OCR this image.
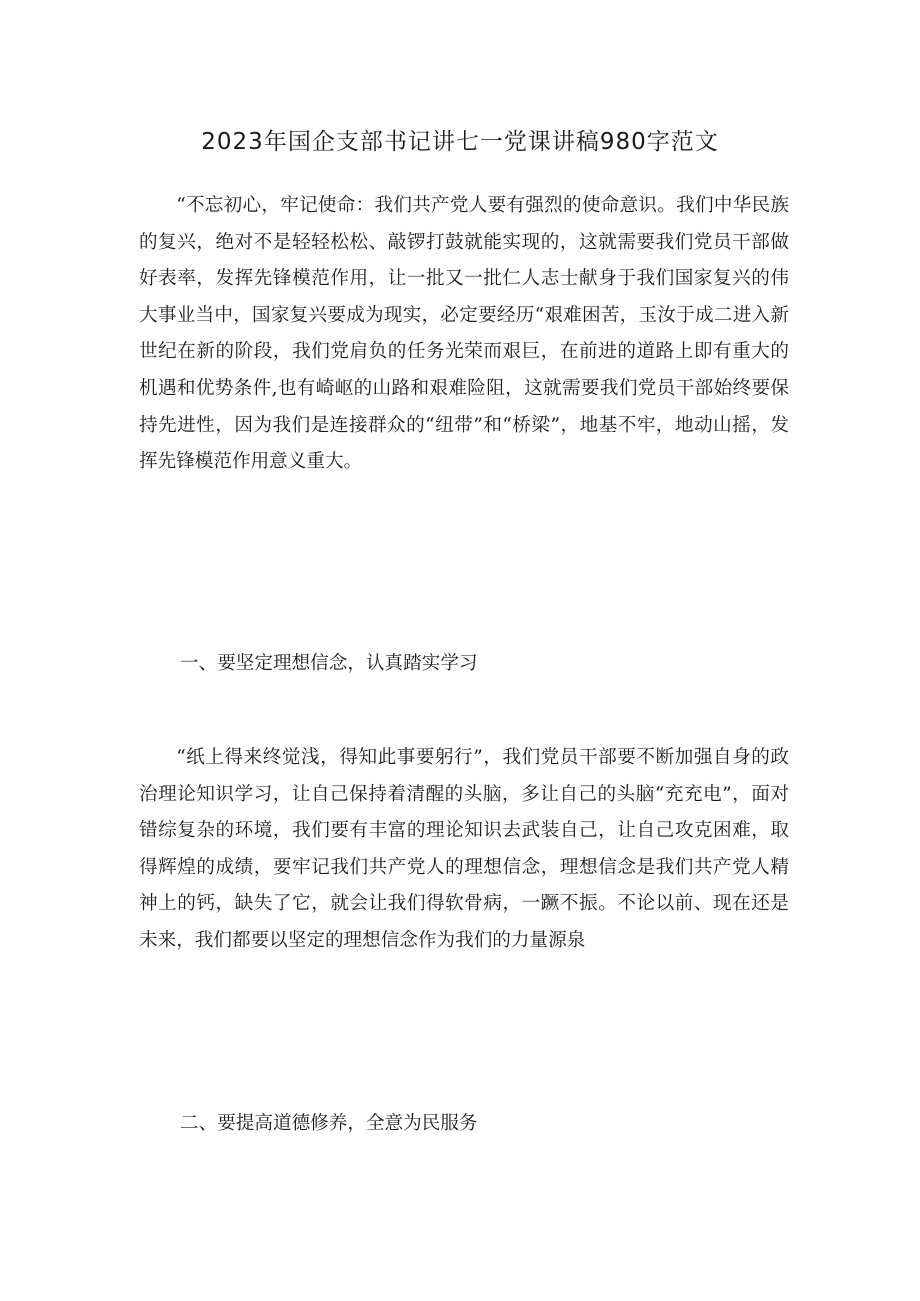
2023年国企支部书记讲七一党课讲稿980字范文

“不忘初心，牢记使命：我们共产党人要有强烈的使命意识。我们中华民族的复兴，绝对不是轻轻松松、敲锣打鼓就能实现的，这就需要我们党员干部做好表率，发挥先锋模范作用，让一批又一批仁人志士献身于我们国家复兴的伟大事业当中，国家复兴要成为现实，必定要经历“艰难困苦，玉汝于成二进入新世纪在新的阶段，我们党肩负的任务光荣而艰巨，在前进的道路上即有重大的机遇和优势条件,也有崎岖的山路和艰难险阻，这就需要我们党员干部始终要保持先进性，因为我们是连接群众的“纽带”和“桥梁”，地基不牢，地动山摇，发挥先锋模范作用意义重大。

一、要坚定理想信念，认真踏实学习

“纸上得来终觉浅，得知此事要躬行”，我们党员干部要不断加强自身的政治理论知识学习，让自己保持着清醒的头脑，多让自己的头脑“充充电”，面对错综复杂的环境，我们要有丰富的理论知识去武装自己，让自己攻克困难，取得辉煌的成绩，要牢记我们共产党人的理想信念，理想信念是我们共产党人精神上的钙，缺失了它，就会让我们得软骨病，一蹶不振。不论以前、现在还是未来，我们都要以坚定的理想信念作为我们的力量源泉

二、要提高道德修养，全意为民服务
